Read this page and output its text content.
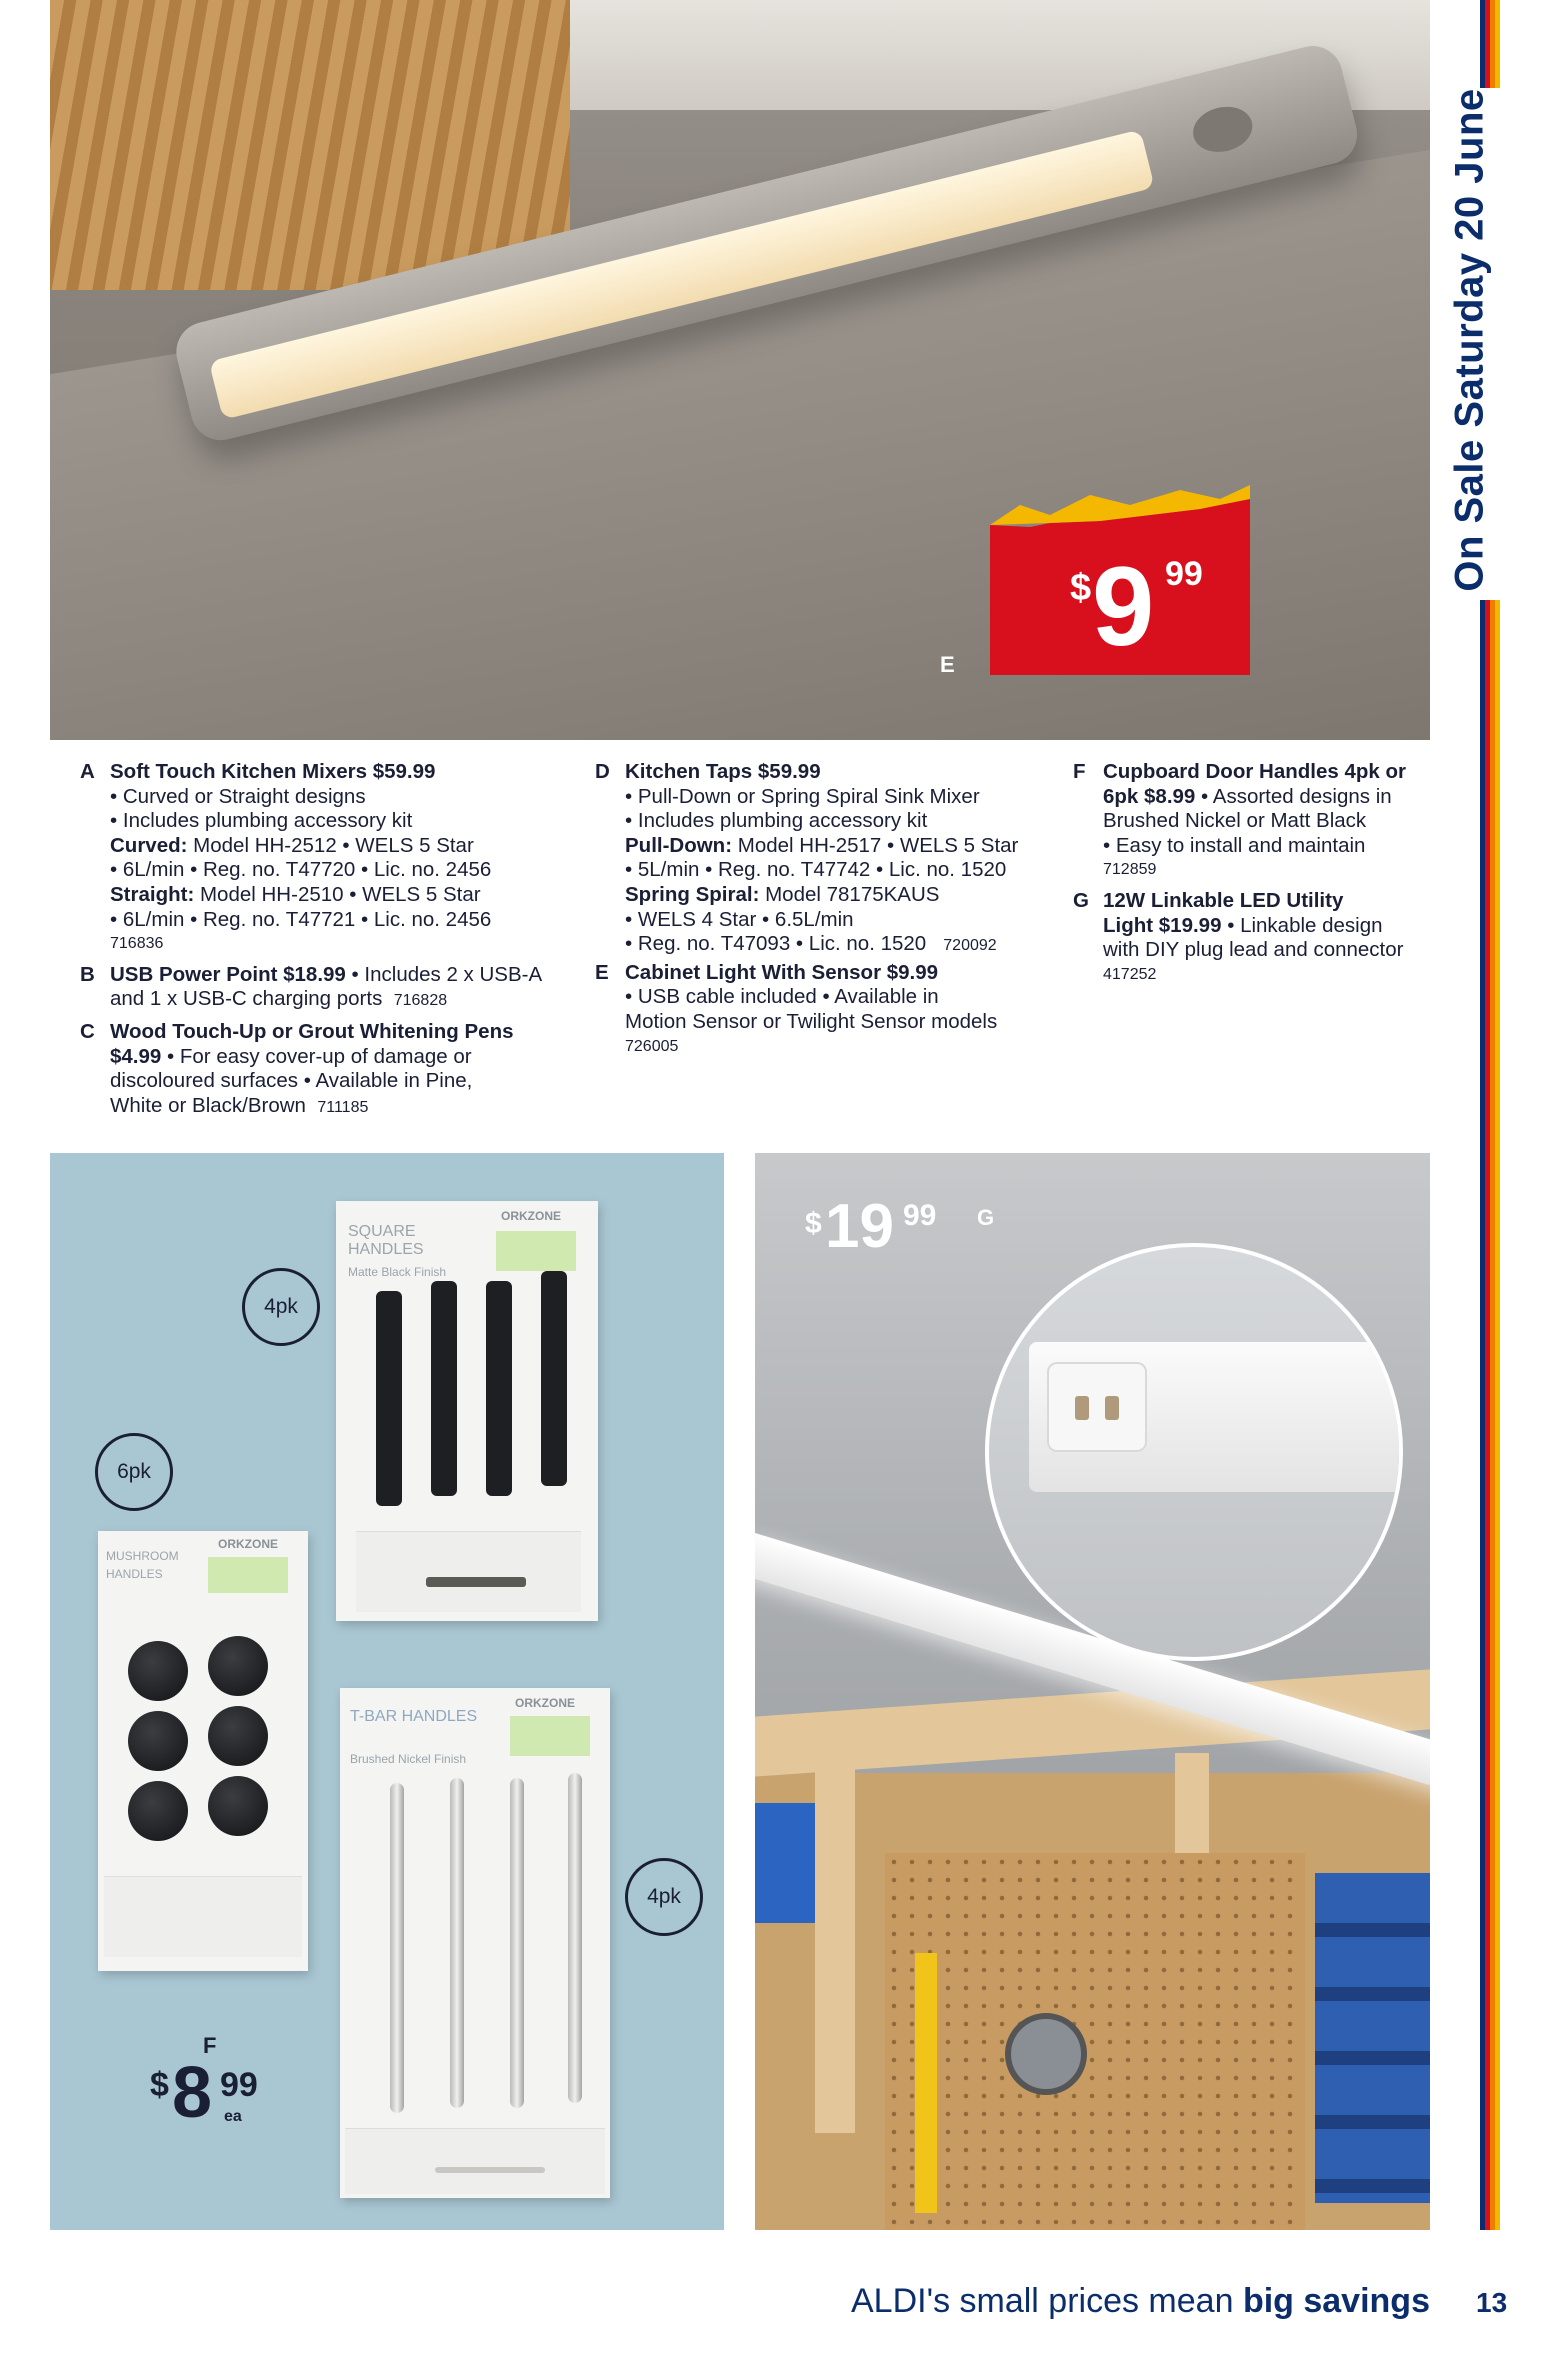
On Sale Saturday 20 June
$ 9 99
E
A Soft Touch Kitchen Mixers $59.99
• Curved or Straight designs
• Includes plumbing accessory kit
Curved: Model HH-2512 • WELS 5 Star
• 6L/min • Reg. no. T47720 • Lic. no. 2456
Straight: Model HH-2510 • WELS 5 Star
• 6L/min • Reg. no. T47721 • Lic. no. 2456
716836
B USB Power Point $18.99 • Includes 2 x USB-A
and 1 x USB-C charging ports 716828
C Wood Touch-Up or Grout Whitening Pens
$4.99 • For easy cover-up of damage or
discoloured surfaces • Available in Pine,
White or Black/Brown 711185
D Kitchen Taps $59.99
• Pull-Down or Spring Spiral Sink Mixer
• Includes plumbing accessory kit
Pull-Down: Model HH-2517 • WELS 5 Star
• 5L/min • Reg. no. T47742 • Lic. no. 1520
Spring Spiral: Model 78175KAUS
• WELS 4 Star • 6.5L/min
• Reg. no. T47093 • Lic. no. 1520 720092
E Cabinet Light With Sensor $9.99
• USB cable included • Available in
Motion Sensor or Twilight Sensor models
726005
F Cupboard Door Handles 4pk or
6pk $8.99 • Assorted designs in
Brushed Nickel or Matt Black
• Easy to install and maintain
712859
G 12W Linkable LED Utility
Light $19.99 • Linkable design
with DIY plug lead and connector
417252
SQUARE HANDLES
Matte Black Finish
ORKZONE
MUSHROOM HANDLES
ORKZONE
T-BAR HANDLES
Brushed Nickel Finish
ORKZONE
4pk
6pk
4pk
F
$ 8 99
ea
$ 19 99 G
ALDI's small prices mean big savings 13
